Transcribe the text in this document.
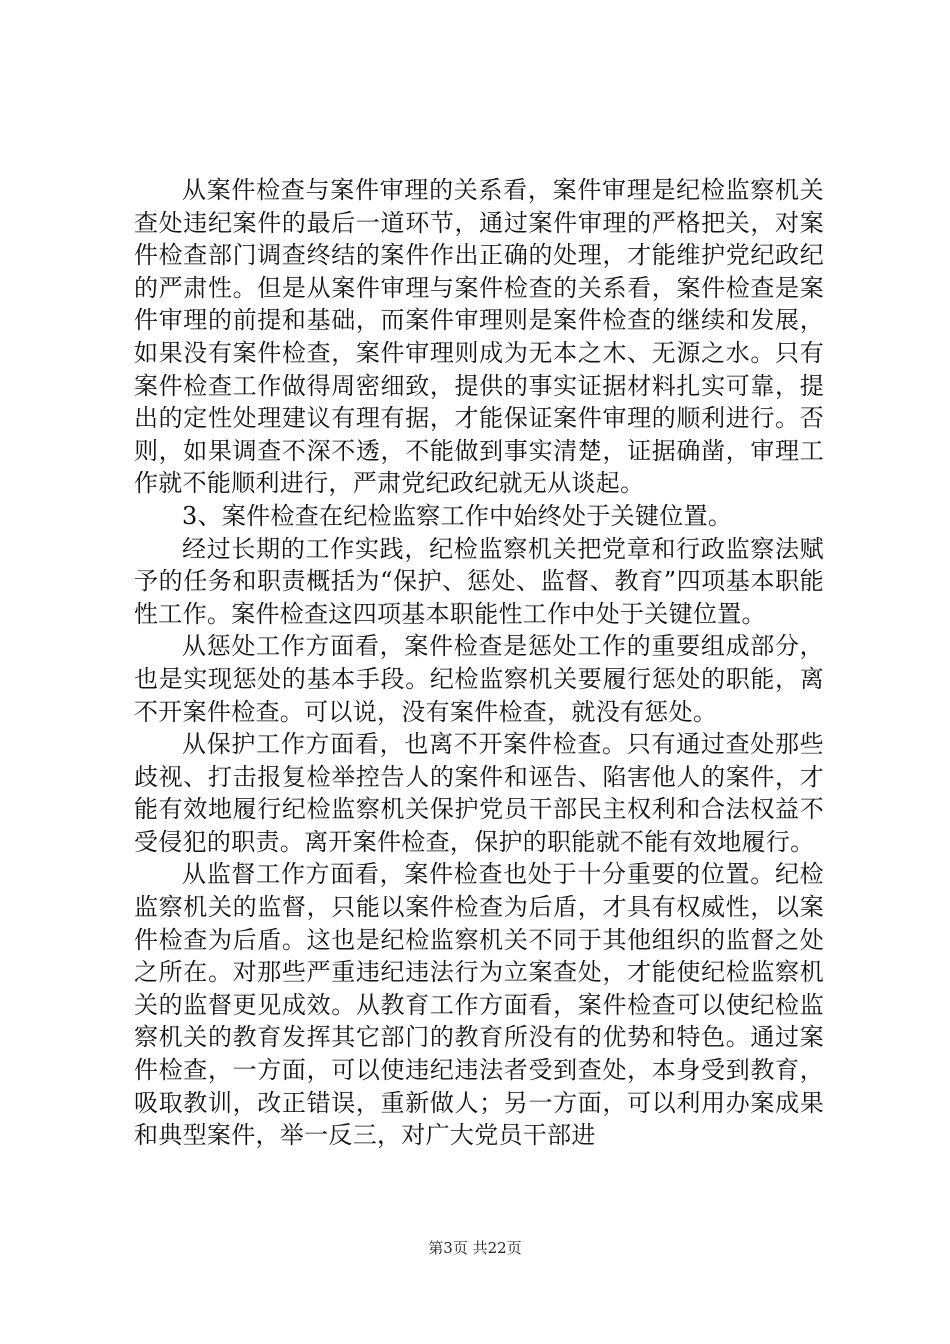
从案件检查与案件审理的关系看，案件审理是纪检监察机关查处违纪案件的最后一道环节，通过案件审理的严格把关，对案件检查部门调查终结的案件作出正确的处理，才能维护党纪政纪的严肃性。但是从案件审理与案件检查的关系看，案件检查是案件审理的前提和基础，而案件审理则是案件检查的继续和发展，如果没有案件检查，案件审理则成为无本之木、无源之水。只有案件检查工作做得周密细致，提供的事实证据材料扎实可靠，提出的定性处理建议有理有据，才能保证案件审理的顺利进行。否则，如果调查不深不透，不能做到事实清楚，证据确凿，审理工作就不能顺利进行，严肃党纪政纪就无从谈起。

3、案件检查在纪检监察工作中始终处于关键位置。

经过长期的工作实践，纪检监察机关把党章和行政监察法赋予的任务和职责概括为“保护、惩处、监督、教育”四项基本职能性工作。案件检查这四项基本职能性工作中处于关键位置。

从惩处工作方面看，案件检查是惩处工作的重要组成部分，也是实现惩处的基本手段。纪检监察机关要履行惩处的职能，离不开案件检查。可以说，没有案件检查，就没有惩处。

从保护工作方面看，也离不开案件检查。只有通过查处那些歧视、打击报复检举控告人的案件和诬告、陷害他人的案件，才能有效地履行纪检监察机关保护党员干部民主权利和合法权益不受侵犯的职责。离开案件检查，保护的职能就不能有效地履行。

从监督工作方面看，案件检查也处于十分重要的位置。纪检监察机关的监督，只能以案件检查为后盾，才具有权威性，以案件检查为后盾。这也是纪检监察机关不同于其他组织的监督之处之所在。对那些严重违纪违法行为立案查处，才能使纪检监察机关的监督更见成效。从教育工作方面看，案件检查可以使纪检监察机关的教育发挥其它部门的教育所没有的优势和特色。通过案件检查，一方面，可以使违纪违法者受到查处，本身受到教育，吸取教训，改正错误，重新做人；另一方面，可以利用办案成果和典型案件，举一反三，对广大党员干部进

第3页 共22页
